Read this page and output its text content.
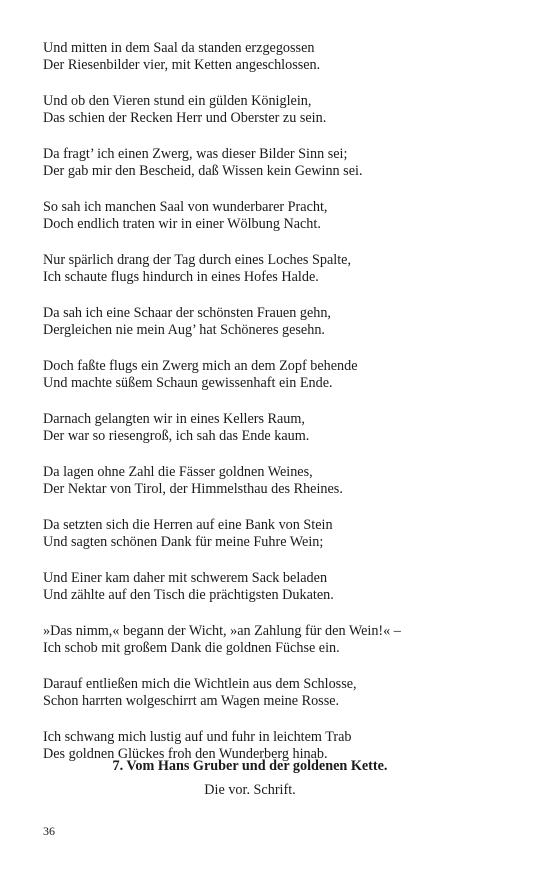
Und mitten in dem Saal da standen erzgegossen
Der Riesenbilder vier, mit Ketten angeschlossen.
Und ob den Vieren stund ein gülden Königlein,
Das schien der Recken Herr und Oberster zu sein.
Da fragt’ ich einen Zwerg, was dieser Bilder Sinn sei;
Der gab mir den Bescheid, daß Wissen kein Gewinn sei.
So sah ich manchen Saal von wunderbarer Pracht,
Doch endlich traten wir in einer Wölbung Nacht.
Nur spärlich drang der Tag durch eines Loches Spalte,
Ich schaute flugs hindurch in eines Hofes Halde.
Da sah ich eine Schaar der schönsten Frauen gehn,
Dergleichen nie mein Aug’ hat Schöneres gesehn.
Doch faßte flugs ein Zwerg mich an dem Zopf behende
Und machte süßem Schaun gewissenhaft ein Ende.
Darnach gelangten wir in eines Kellers Raum,
Der war so riesengroß, ich sah das Ende kaum.
Da lagen ohne Zahl die Fässer goldnen Weines,
Der Nektar von Tirol, der Himmelsthau des Rheines.
Da setzten sich die Herren auf eine Bank von Stein
Und sagten schönen Dank für meine Fuhre Wein;
Und Einer kam daher mit schwerem Sack beladen
Und zählte auf den Tisch die prächtigsten Dukaten.
»Das nimm,« begann der Wicht, »an Zahlung für den Wein!« –
Ich schob mit großem Dank die goldnen Füchse ein.
Darauf entließen mich die Wichtlein aus dem Schlosse,
Schon harrten wolgeschirrt am Wagen meine Rosse.
Ich schwang mich lustig auf und fuhr in leichtem Trab
Des goldnen Glückes froh den Wunderberg hinab.
7. Vom Hans Gruber und der goldenen Kette.
Die vor. Schrift.
36
